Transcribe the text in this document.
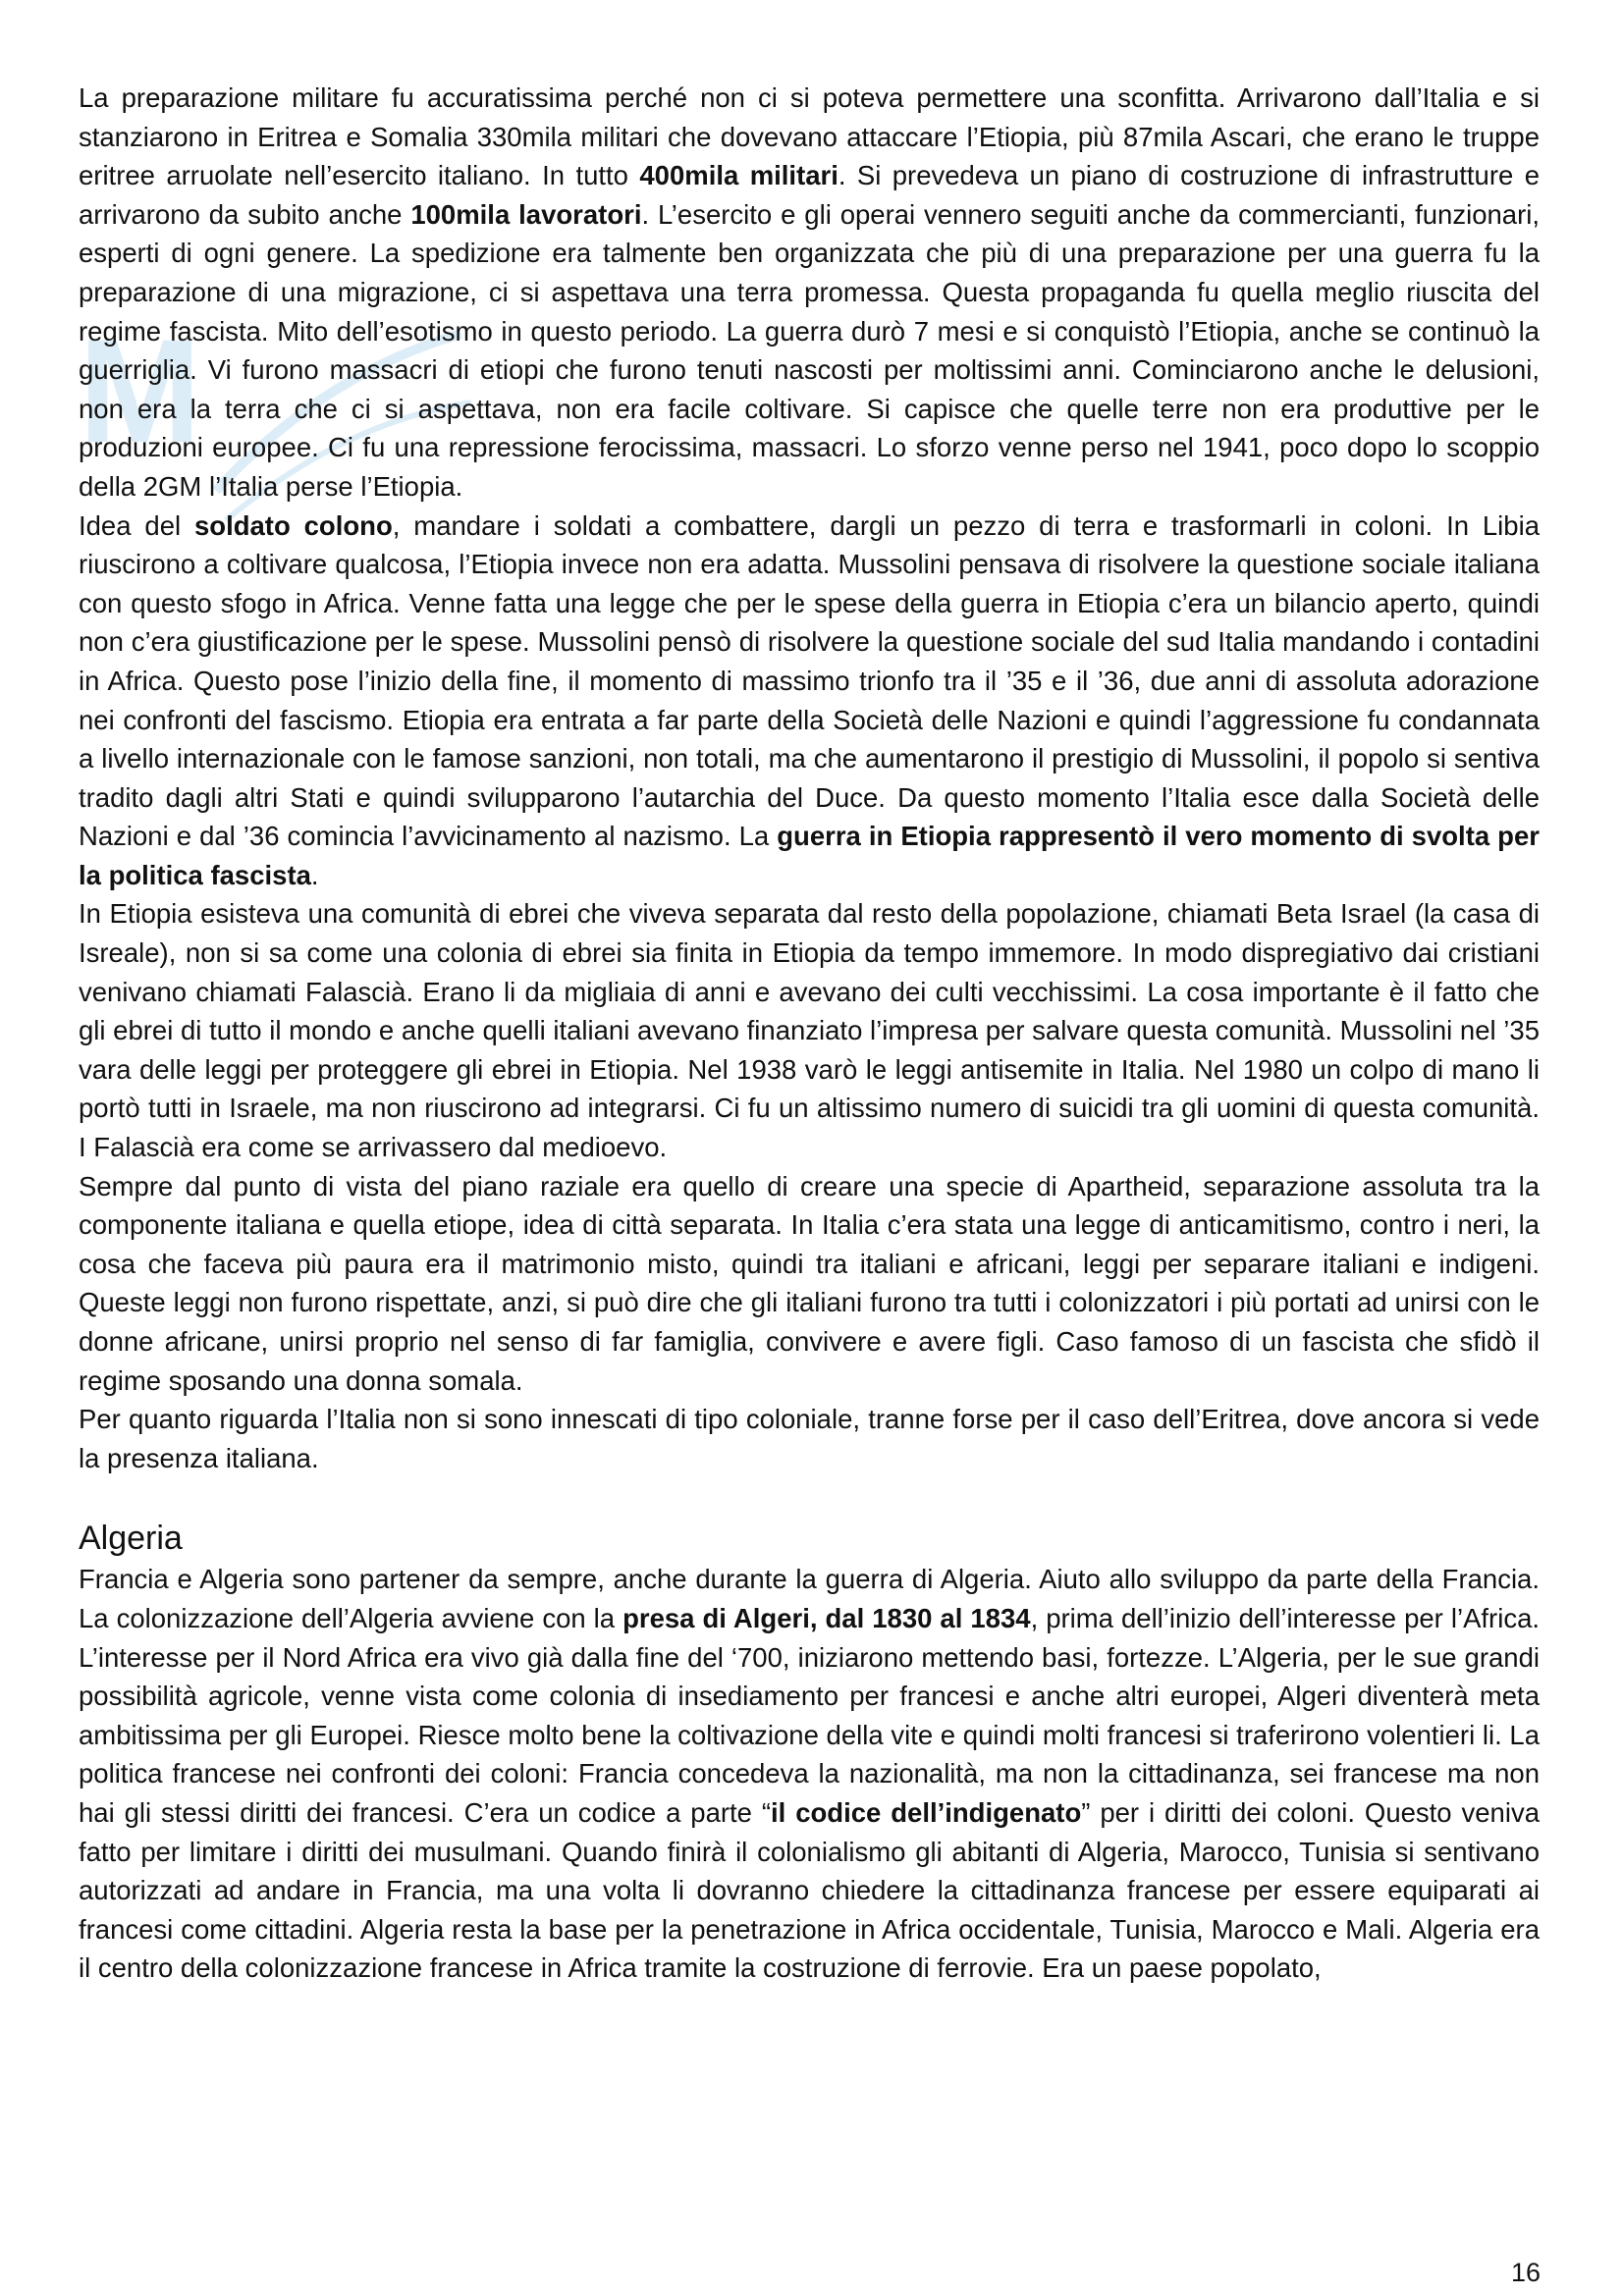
M

La preparazione militare fu accuratissima perché non ci si poteva permettere una sconfitta. Arrivarono dall’Italia e si stanziarono in Eritrea e Somalia 330mila militari che dovevano attaccare l’Etiopia, più 87mila Ascari, che erano le truppe eritree arruolate nell’esercito italiano. In tutto 400mila militari. Si prevedeva un piano di costruzione di infrastrutture e arrivarono da subito anche 100mila lavoratori. L’esercito e gli operai vennero seguiti anche da commercianti, funzionari, esperti di ogni genere. La spedizione era talmente ben organizzata che più di una preparazione per una guerra fu la preparazione di una migrazione, ci si aspettava una terra promessa. Questa propaganda fu quella meglio riuscita del regime fascista. Mito dell’esotismo in questo periodo. La guerra durò 7 mesi e si conquistò l’Etiopia, anche se continuò la guerriglia. Vi furono massacri di etiopi che furono tenuti nascosti per moltissimi anni. Cominciarono anche le delusioni, non era la terra che ci si aspettava, non era facile coltivare. Si capisce che quelle terre non era produttive per le produzioni europee. Ci fu una repressione ferocissima, massacri. Lo sforzo venne perso nel 1941, poco dopo lo scoppio della 2GM l’Italia perse l’Etiopia.

Idea del soldato colono, mandare i soldati a combattere, dargli un pezzo di terra e trasformarli in coloni. In Libia riuscirono a coltivare qualcosa, l’Etiopia invece non era adatta. Mussolini pensava di risolvere la questione sociale italiana con questo sfogo in Africa. Venne fatta una legge che per le spese della guerra in Etiopia c’era un bilancio aperto, quindi non c’era giustificazione per le spese. Mussolini pensò di risolvere la questione sociale del sud Italia mandando i contadini in Africa. Questo pose l’inizio della fine, il momento di massimo trionfo tra il ’35 e il ’36, due anni di assoluta adorazione nei confronti del fascismo. Etiopia era entrata a far parte della Società delle Nazioni e quindi l’aggressione fu condannata a livello internazionale con le famose sanzioni, non totali, ma che aumentarono il prestigio di Mussolini, il popolo si sentiva tradito dagli altri Stati e quindi svilupparono l’autarchia del Duce. Da questo momento l’Italia esce dalla Società delle Nazioni e dal ’36 comincia l’avvicinamento al nazismo. La guerra in Etiopia rappresentò il vero momento di svolta per la politica fascista.

In Etiopia esisteva una comunità di ebrei che viveva separata dal resto della popolazione, chiamati Beta Israel (la casa di Isreale), non si sa come una colonia di ebrei sia finita in Etiopia da tempo immemore. In modo dispregiativo dai cristiani venivano chiamati Falascià. Erano li da migliaia di anni e avevano dei culti vecchissimi. La cosa importante è il fatto che gli ebrei di tutto il mondo e anche quelli italiani avevano finanziato l’impresa per salvare questa comunità. Mussolini nel ’35 vara delle leggi per proteggere gli ebrei in Etiopia. Nel 1938 varò le leggi antisemite in Italia. Nel 1980 un colpo di mano li portò tutti in Israele, ma non riuscirono ad integrarsi. Ci fu un altissimo numero di suicidi tra gli uomini di questa comunità. I Falascià era come se arrivassero dal medioevo.

Sempre dal punto di vista del piano raziale era quello di creare una specie di Apartheid, separazione assoluta tra la componente italiana e quella etiope, idea di città separata. In Italia c’era stata una legge di anticamitismo, contro i neri, la cosa che faceva più paura era il matrimonio misto, quindi tra italiani e africani, leggi per separare italiani e indigeni. Queste leggi non furono rispettate, anzi, si può dire che gli italiani furono tra tutti i colonizzatori i più portati ad unirsi con le donne africane, unirsi proprio nel senso di far famiglia, convivere e avere figli. Caso famoso di un fascista che sfidò il regime sposando una donna somala.

Per quanto riguarda l’Italia non si sono innescati di tipo coloniale, tranne forse per il caso dell’Eritrea, dove ancora si vede la presenza italiana.

Algeria

Francia e Algeria sono partener da sempre, anche durante la guerra di Algeria. Aiuto allo sviluppo da parte della Francia. La colonizzazione dell’Algeria avviene con la presa di Algeri, dal 1830 al 1834, prima dell’inizio dell’interesse per l’Africa. L’interesse per il Nord Africa era vivo già dalla fine del ‘700, iniziarono mettendo basi, fortezze. L’Algeria, per le sue grandi possibilità agricole, venne vista come colonia di insediamento per francesi e anche altri europei, Algeri diventerà meta ambitissima per gli Europei. Riesce molto bene la coltivazione della vite e quindi molti francesi si traferirono volentieri li. La politica francese nei confronti dei coloni: Francia concedeva la nazionalità, ma non la cittadinanza, sei francese ma non hai gli stessi diritti dei francesi. C’era un codice a parte “il codice dell’indigenato” per i diritti dei coloni. Questo veniva fatto per limitare i diritti dei musulmani. Quando finirà il colonialismo gli abitanti di Algeria, Marocco, Tunisia si sentivano autorizzati ad andare in Francia, ma una volta li dovranno chiedere la cittadinanza francese per essere equiparati ai francesi come cittadini. Algeria resta la base per la penetrazione in Africa occidentale, Tunisia, Marocco e Mali. Algeria era il centro della colonizzazione francese in Africa tramite la costruzione di ferrovie. Era un paese popolato,

16
